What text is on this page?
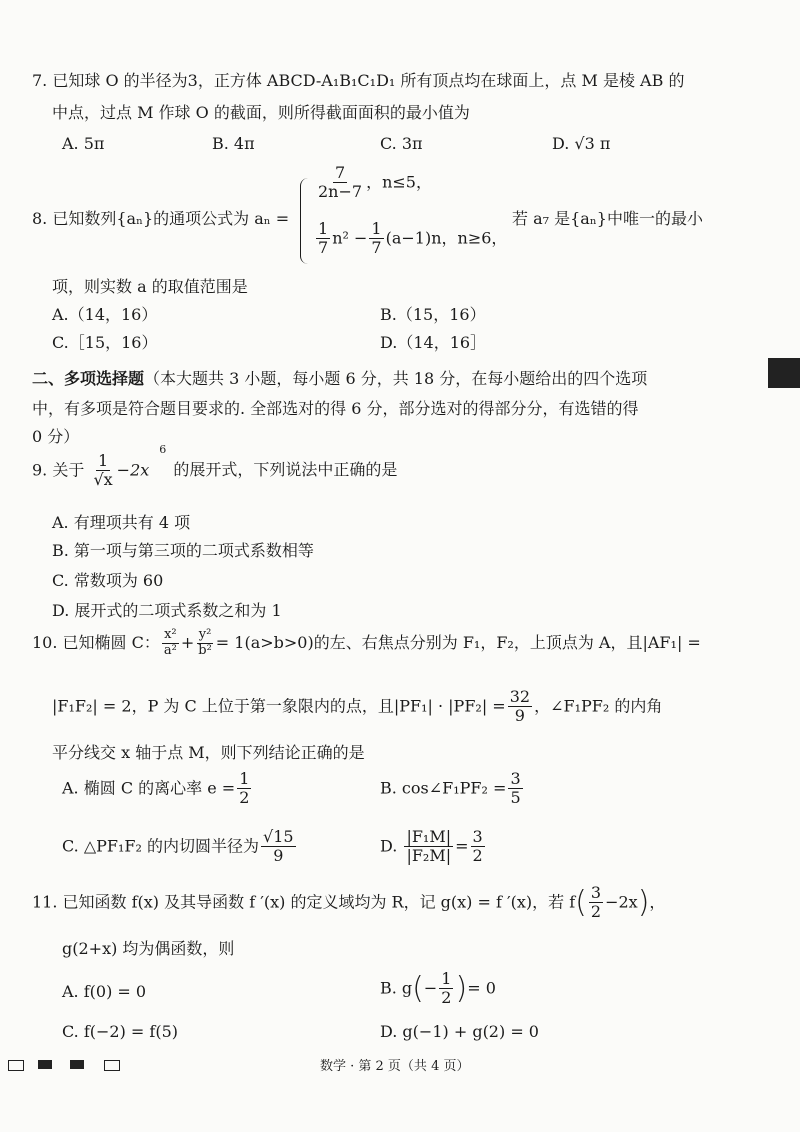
7. 已知球 O 的半径为3，正方体 ABCD-A₁B₁C₁D₁ 所有顶点均在球面上，点 M 是棱 AB 的
中点，过点 M 作球 O 的截面，则所得截面面积的最小值为
A. 5π	B. 4π	C. 3π	D. √3 π
8. 已知数列{aₙ}的通项公式为 aₙ =
$\frac{7}{2n-7}$ ，n≤5，
$\frac{1}{7} n^2 - \frac{1}{7} (a-1)n$，n≥6，
若 a₇ 是{aₙ}中唯一的最小
项，则实数 a 的取值范围是
A.（14，16）	B.（15，16）
C.［15，16）	D.（14，16］
二、多项选择题（本大题共 3 小题，每小题 6 分，共 18 分，在每小题给出的四个选项
中，有多项是符合题目要求的. 全部选对的得 6 分，部分选对的得部分分，有选错的得
0 分）
9. 关于 $\frac{1}{√x} -2x^6$ 的展开式，下列说法中正确的是
A. 有理项共有 4 项
B. 第一项与第三项的二项式系数相等
C. 常数项为 60
D. 展开式的二项式系数之和为 1
10. 已知椭圆 C： $\frac{\text{x²}}{\text{a²}} + \frac{\text{y²}}{\text{b²}} = 1(a>b>0)$的左、右焦点分别为 F₁，F₂，上顶点为 A，且|AF₁| =
|F₁F₂| = 2，P 为 C 上位于第一象限内的点，且$|PF_1| \cdot |PF_2| = \frac{32}{9}$ ，∠F₁PF₂ 的内角
平分线交 x 轴于点 M，则下列结论正确的是
A. 椭圆 C 的离心率 $e = \frac{1}{2}$	B. cos∠F₁PF₂ = $\frac{3}{5}$
C. △PF₁F₂ 的内切圆半径为 $\frac{√15}{9}$	D. $\frac{\text{|F₁M|}}{\text{|F₂M|}} = \frac{3}{2}$
11. 已知函数 f(x) 及其导函数 f ′(x) 的定义域均为 R，记 g(x) = f ′(x)，若 $f( \frac{3}{2} -2x)$，
g(2+x) 均为偶函数，则
A. f(0) = 0	B. $g(- \frac{1}{2}$ )= 0
C. f(−2) = f(5)	D. g(−1) + g(2) = 0
数学 · 第 2 页（共 4 页）
